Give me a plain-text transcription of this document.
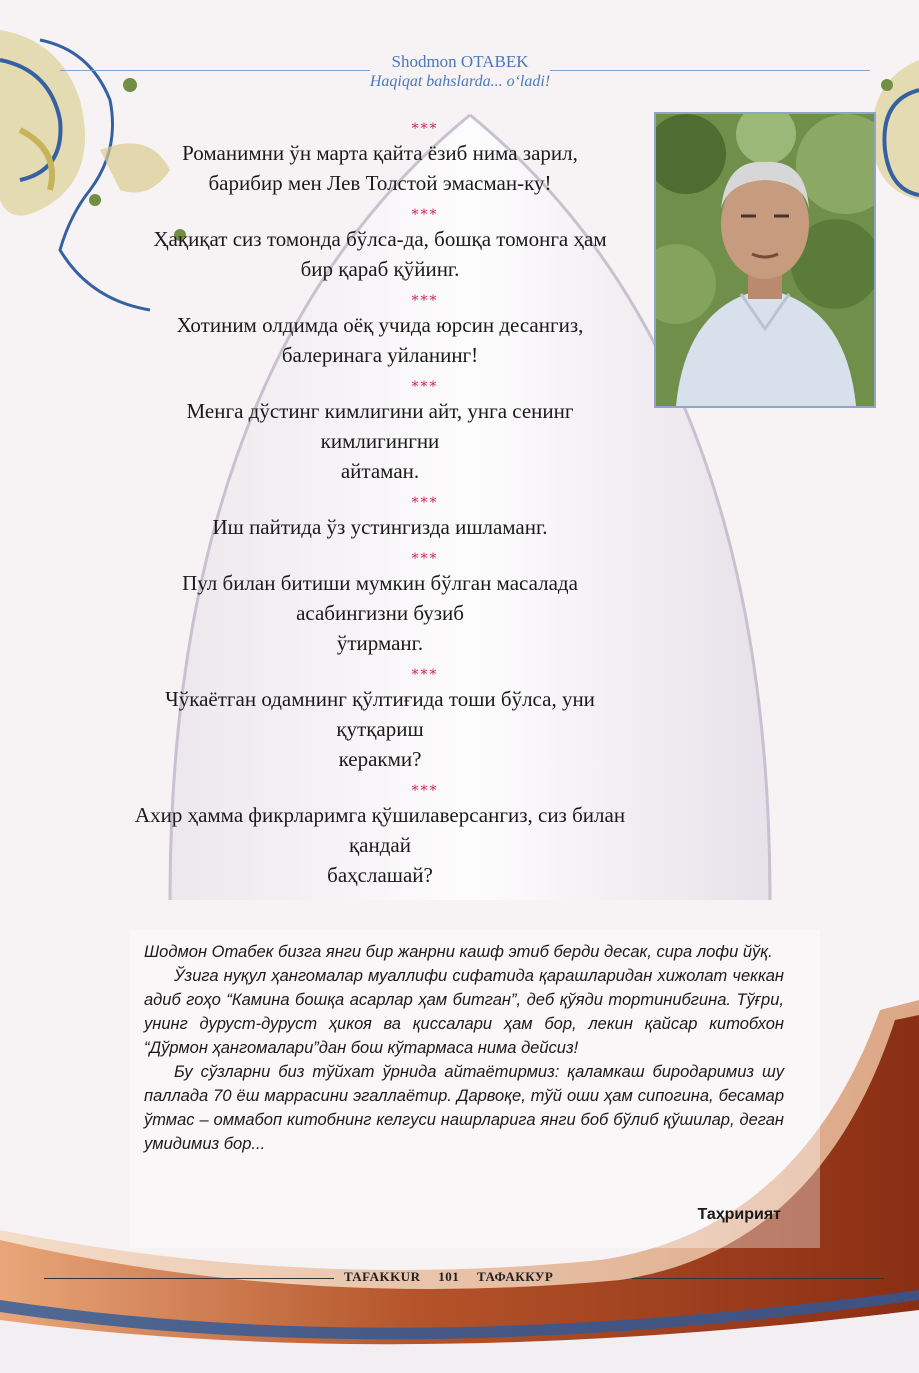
Shodmon OTABEK
Haqiqat bahslarda... o‘ladi!
***
Романимни ўн марта қайта ёзиб нима зарил,
барибир мен Лев Толстой эмасман-ку!
***
Ҳақиқат сиз томонда бўлса-да, бошқа томонга ҳам
бир қараб қўйинг.
***
Хотиним олдимда оёқ учида юрсин десангиз,
балеринага уйланинг!
***
Менга дўстинг кимлигини айт, унга сенинг кимлигингни
айтаман.
***
Иш пайтида ўз устингизда ишламанг.
***
Пул билан битиши мумкин бўлган масалада асабингизни бузиб
ўтирманг.
***
Чўкаётган одамнинг қўлтиғида тоши бўлса, уни қутқариш
керакми?
***
Ахир ҳамма фикрларимга қўшилаверсангиз, сиз билан қандай
баҳслашай?

Шодмон Отабек бизга янги бир жанрни кашф этиб берди десак, сира лофи йўқ.

Ўзига нуқул ҳангомалар муаллифи сифатида қарашларидан хижолат чеккан адиб гоҳо “Камина бошқа асарлар ҳам битган”, деб қўяди тортинибгина. Тўғри, унинг дуруст-дуруст ҳикоя ва қиссалари ҳам бор, лекин қайсар китобхон “Дўрмон ҳангомалари”дан бош кўтармаса нима дейсиз!

Бу сўзларни биз тўйхат ўрнида айтаётирмиз: қаламкаш биродаримиз шу паллада 70 ёш маррасини эгаллаётир. Дарвоқе, тўй оши ҳам сипогина, бесамар ўтмас – оммабоп китобнинг келгуси нашрларига янги боб бўлиб қўшилар, деган умидимиз бор...

Таҳририят
TAFAKKUR 101 ТАФАККУР
